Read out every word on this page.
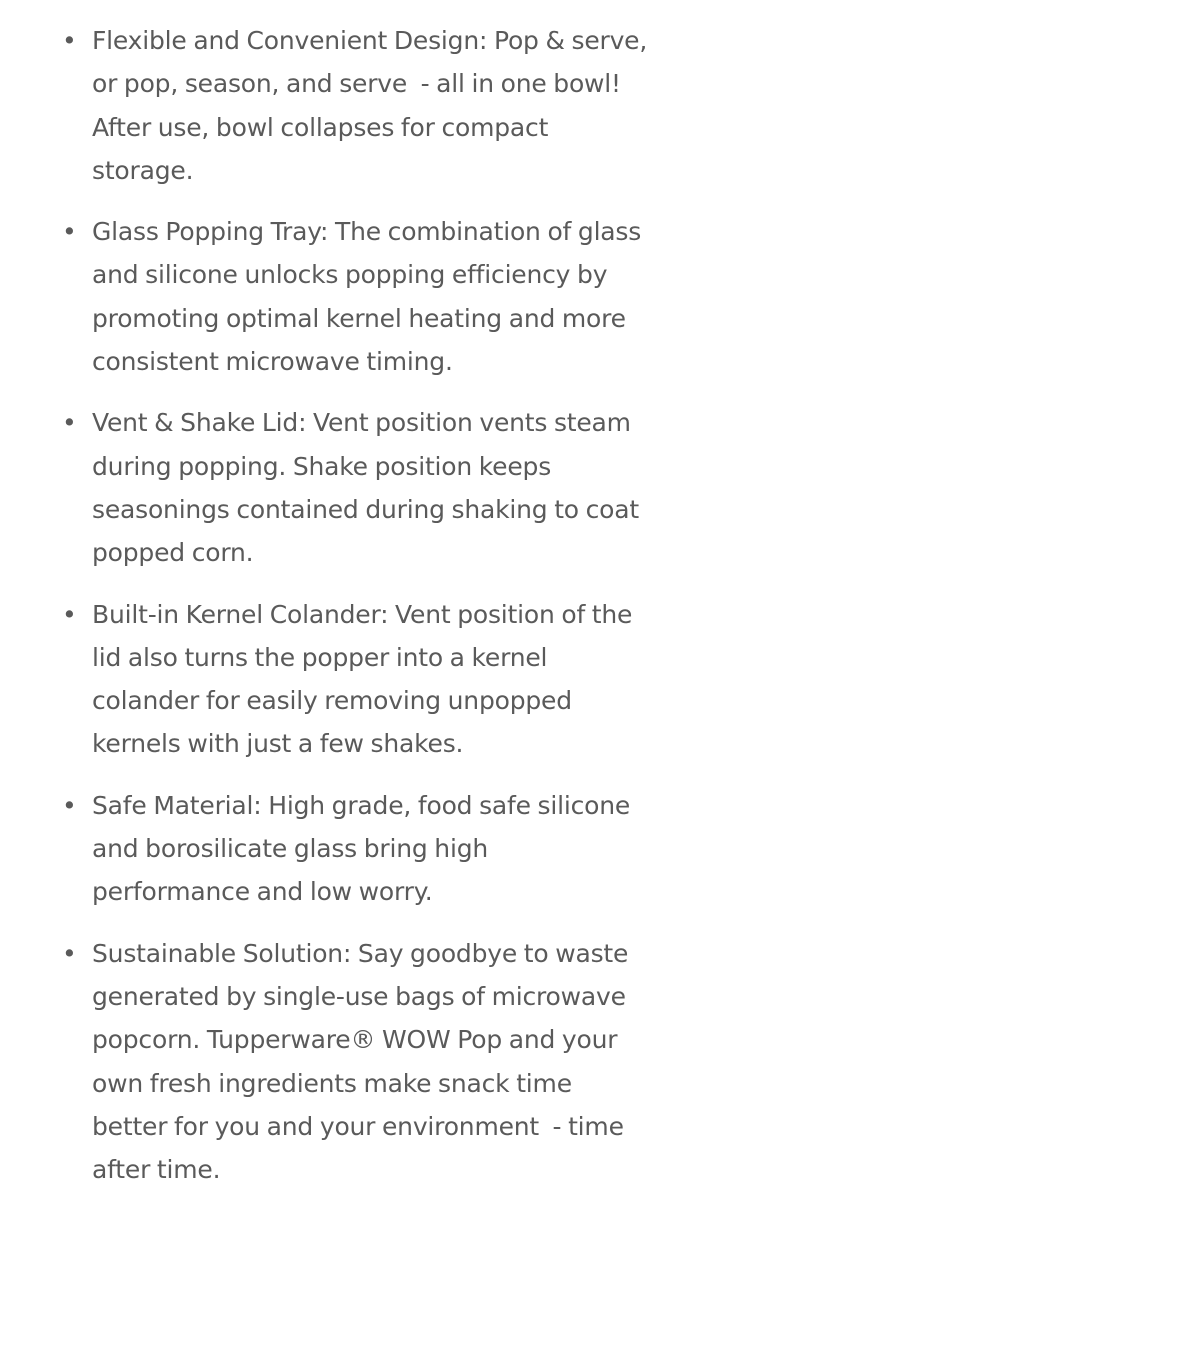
• Flexible and Convenient Design: Pop & serve, or pop, season, and serve  - all in one bowl! After use, bowl collapses for compact storage.
• Glass Popping Tray: The combination of glass and silicone unlocks popping efficiency by promoting optimal kernel heating and more consistent microwave timing.
• Vent & Shake Lid: Vent position vents steam during popping. Shake position keeps seasonings contained during shaking to coat popped corn.
• Built-in Kernel Colander: Vent position of the lid also turns the popper into a kernel colander for easily removing unpopped kernels with just a few shakes.
• Safe Material: High grade, food safe silicone and borosilicate glass bring high performance and low worry.
• Sustainable Solution: Say goodbye to waste generated by single-use bags of microwave popcorn. Tupperware® WOW Pop and your own fresh ingredients make snack time better for you and your environment  - time after time.
